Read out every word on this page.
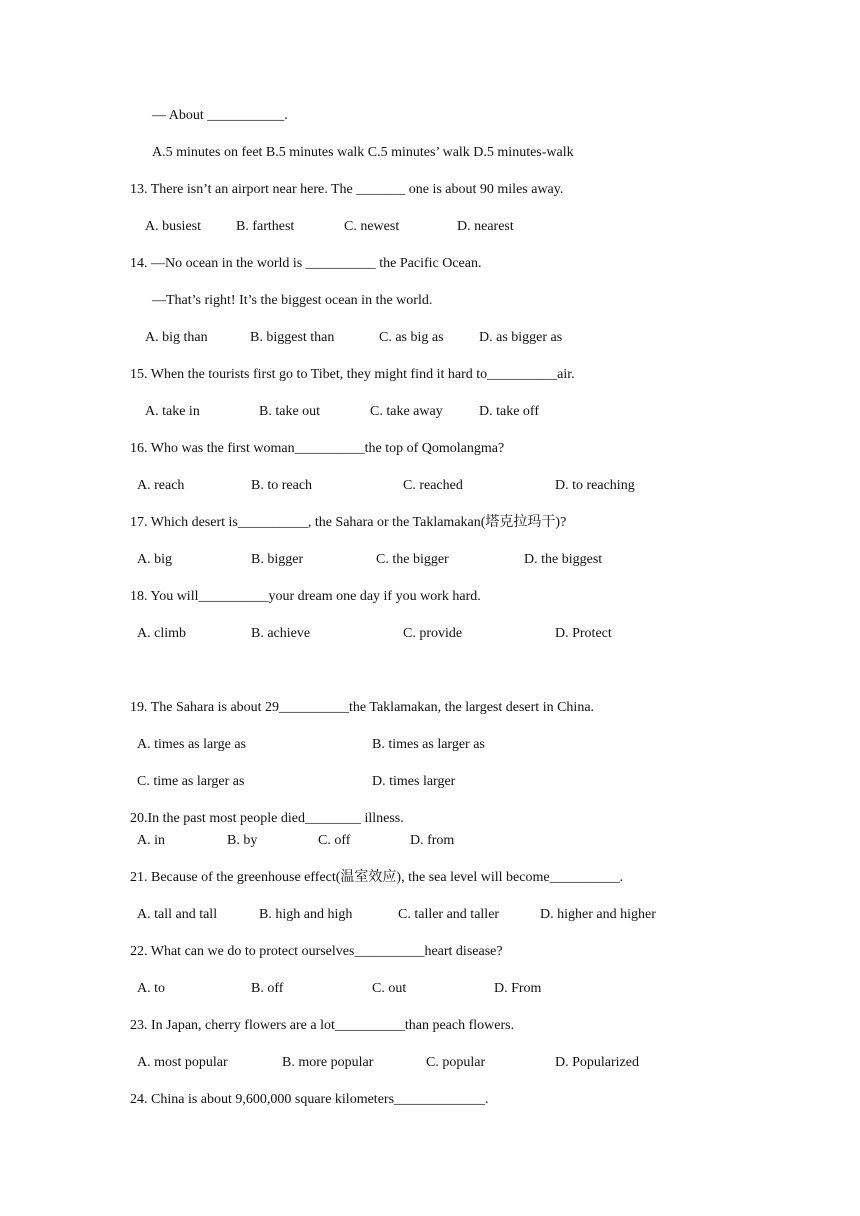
— About ___________.
A.5 minutes on feet B.5 minutes walk C.5 minutes’ walk D.5 minutes-walk
13. There isn’t an airport near here. The _______ one is about 90 miles away.
A. busiest	B. farthest	C. newest	D. nearest
14. —No ocean in the world is __________ the Pacific Ocean.
—That’s right! It’s the biggest ocean in the world.
A. big than	B. biggest than	C. as big as	D. as bigger as
15. When the tourists first go to Tibet, they might find it hard to__________air.
A. take in	B. take out	C. take away	D. take off
16. Who was the first woman__________the top of Qomolangma?
A. reach	B. to reach	C. reached	D. to reaching
17. Which desert is__________, the Sahara or the Taklamakan(塔克拉玛干)?
A. big	B. bigger	C. the bigger	D. the biggest
18. You will__________your dream one day if you work hard.
A. climb	B. achieve	C. provide	D. Protect
19. The Sahara is about 29__________the Taklamakan, the largest desert in China.
A. times as large as	B. times as larger as
C. time as larger as	D. times larger
20.In the past most people died________ illness.
A. in	B. by	C. off	D. from
21. Because of the greenhouse effect(温室效应), the sea level will become__________.
A. tall and tall	B. high and high	C. taller and taller	D. higher and higher
22. What can we do to protect ourselves__________heart disease?
A. to	B. off	C. out	D. From
23. In Japan, cherry flowers are a lot__________than peach flowers.
A. most popular	B. more popular	C. popular	D. Popularized
24. China is about 9,600,000 square kilometers_____________.
